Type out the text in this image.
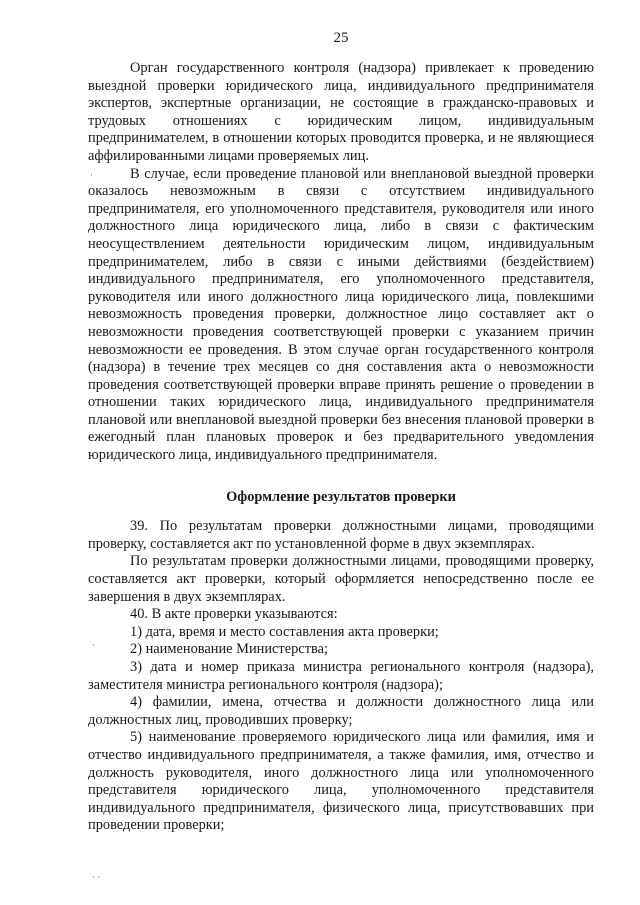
25

Орган государственного контроля (надзора) привлекает к проведению выездной проверки юридического лица, индивидуального предпринимателя экспертов, экспертные организации, не состоящие в гражданско-правовых и трудовых отношениях с юридическим лицом, индивидуальным предпринимателем, в отношении которых проводится проверка, и не являющиеся аффилированными лицами проверяемых лиц.

В случае, если проведение плановой или внеплановой выездной проверки оказалось невозможным в связи с отсутствием индивидуального предпринимателя, его уполномоченного представителя, руководителя или иного должностного лица юридического лица, либо в связи с фактическим неосуществлением деятельности юридическим лицом, индивидуальным предпринимателем, либо в связи с иными действиями (бездействием) индивидуального предпринимателя, его уполномоченного представителя, руководителя или иного должностного лица юридического лица, повлекшими невозможность проведения проверки, должностное лицо составляет акт о невозможности проведения соответствующей проверки с указанием причин невозможности ее проведения. В этом случае орган государственного контроля (надзора) в течение трех месяцев со дня составления акта о невозможности проведения соответствующей проверки вправе принять решение о проведении в отношении таких юридического лица, индивидуального предпринимателя плановой или внеплановой выездной проверки без внесения плановой проверки в ежегодный план плановых проверок и без предварительного уведомления юридического лица, индивидуального предпринимателя.

Оформление результатов проверки

39. По результатам проверки должностными лицами, проводящими проверку, составляется акт по установленной форме в двух экземплярах.

По результатам проверки должностными лицами, проводящими проверку, составляется акт проверки, который оформляется непосредственно после ее завершения в двух экземплярах.

40. В акте проверки указываются:

1) дата, время и место составления акта проверки;

2) наименование Министерства;

3) дата и номер приказа министра регионального контроля (надзора), заместителя министра регионального контроля (надзора);

4) фамилии, имена, отчества и должности должностного лица или должностных лиц, проводивших проверку;

5) наименование проверяемого юридического лица или фамилия, имя и отчество индивидуального предпринимателя, а также фамилия, имя, отчество и должность руководителя, иного должностного лица или уполномоченного представителя юридического лица, уполномоченного представителя индивидуального предпринимателя, физического лица, присутствовавших при проведении проверки;

·
·
· ·
